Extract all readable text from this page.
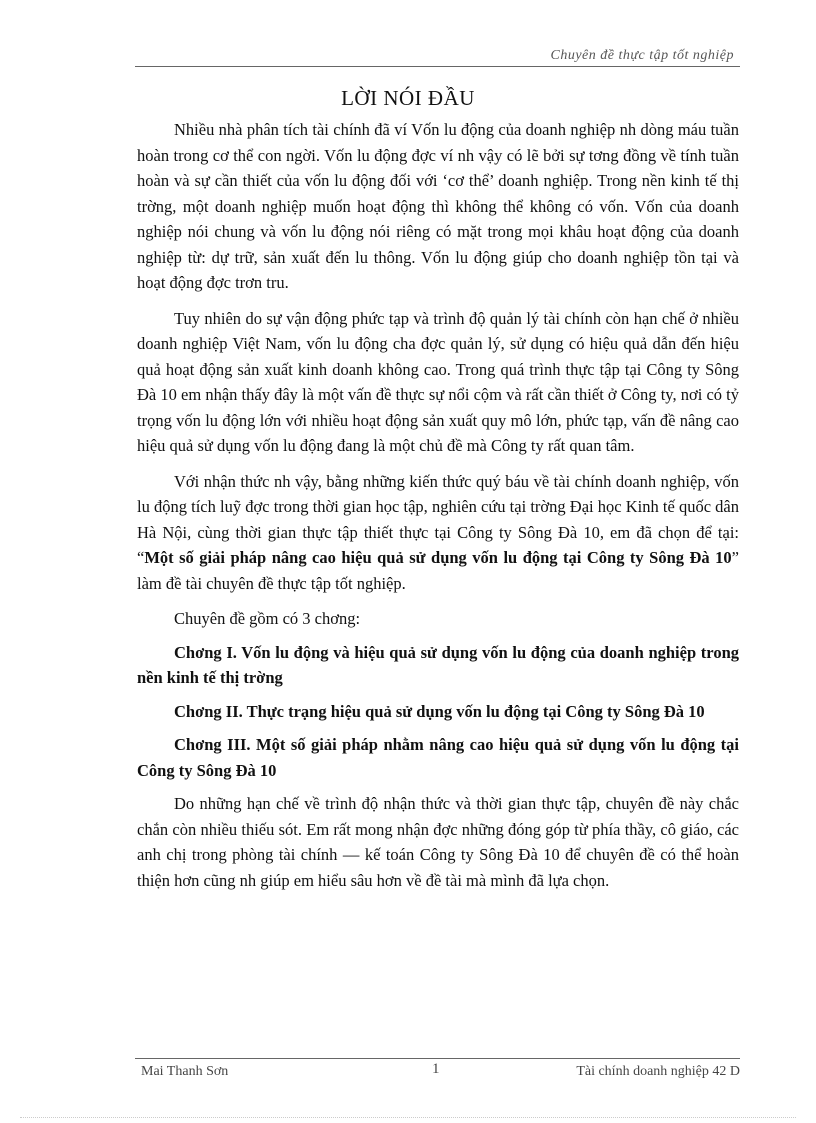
Chuyên đề thực tập tốt nghiệp
LỜI NÓI ĐẦU

Nhiều nhà phân tích tài chính đã ví Vốn lu động của doanh nghiệp nh dòng máu tuần hoàn trong cơ thể con ngời. Vốn lu động đợc ví nh vậy có lẽ bởi sự tơng đồng về tính tuần hoàn và sự cần thiết của vốn lu động đối với ‘cơ thể’ doanh nghiệp. Trong nền kinh tế thị trờng, một doanh nghiệp muốn hoạt động thì không thể không có vốn. Vốn của doanh nghiệp nói chung và vốn lu động nói riêng có mặt trong mọi khâu hoạt động của doanh nghiệp từ: dự trữ, sản xuất đến lu thông. Vốn lu động giúp cho doanh nghiệp tồn tại và hoạt động đợc trơn tru.

Tuy nhiên do sự vận động phức tạp và trình độ quản lý tài chính còn hạn chế ở nhiều doanh nghiệp Việt Nam, vốn lu động cha đợc quản lý, sử dụng có hiệu quả dẫn đến hiệu quả hoạt động sản xuất kinh doanh không cao. Trong quá trình thực tập tại Công ty Sông Đà 10 em nhận thấy đây là một vấn đề thực sự nổi cộm và rất cần thiết ở Công ty, nơi có tỷ trọng vốn lu động lớn với nhiều hoạt động sản xuất quy mô lớn, phức tạp, vấn đề nâng cao hiệu quả sử dụng vốn lu động đang là một chủ đề mà Công ty rất quan tâm.

Với nhận thức nh vậy, bằng những kiến thức quý báu về tài chính doanh nghiệp, vốn lu động tích luỹ đợc trong thời gian học tập, nghiên cứu tại trờng Đại học Kinh tế quốc dân Hà Nội, cùng thời gian thực tập thiết thực tại Công ty Sông Đà 10, em đã chọn để tại: “Một số giải pháp nâng cao hiệu quả sử dụng vốn lu động tại Công ty Sông Đà 10” làm đề tài chuyên đề thực tập tốt nghiệp.

Chuyên đề gồm có 3 chơng:

Chơng I. Vốn lu động và hiệu quả sử dụng vốn lu động của doanh nghiệp trong nền kinh tế thị trờng

Chơng II. Thực trạng hiệu quả sử dụng vốn lu động tại Công ty Sông Đà 10

Chơng III. Một số giải pháp nhằm nâng cao hiệu quả sử dụng vốn lu động tại Công ty Sông Đà 10

Do những hạn chế về trình độ nhận thức và thời gian thực tập, chuyên đề này chắc chắn còn nhiều thiếu sót. Em rất mong nhận đợc những đóng góp từ phía thầy, cô giáo, các anh chị trong phòng tài chính — kế toán Công ty Sông Đà 10 để chuyên đề có thể hoàn thiện hơn cũng nh giúp em hiểu sâu hơn về đề tài mà mình đã lựa chọn.

Mai Thanh Sơn	1	Tài chính doanh nghiệp 42 D
